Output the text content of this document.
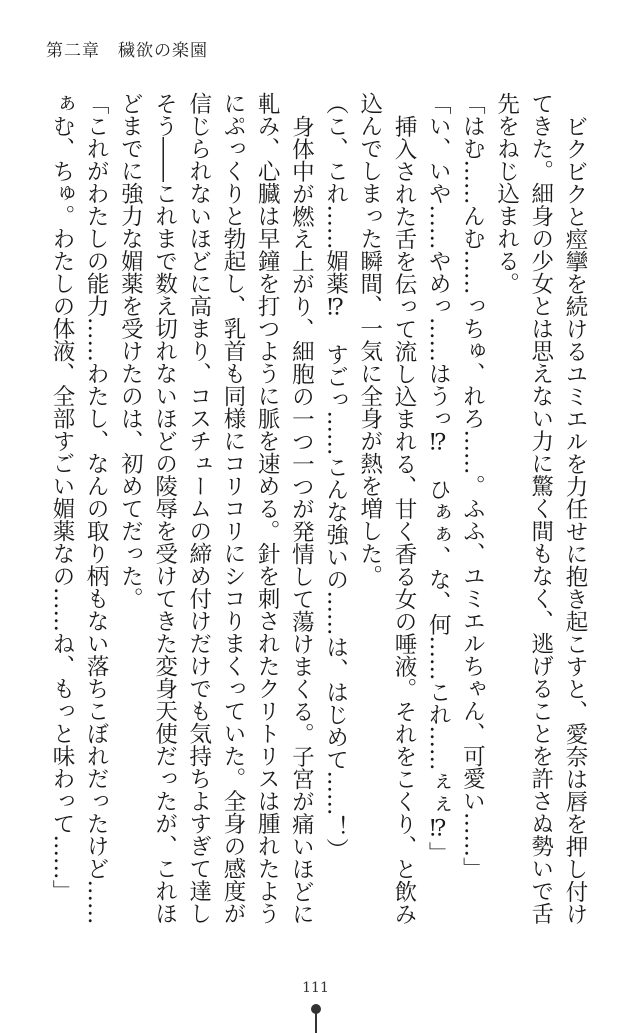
第二章　穢欲の楽園

ビクビクと痙攣を続けるユミエルを力任せに抱き起こすと、愛奈は唇を押し付けてきた。細身の少女とは思えない力に驚く間もなく、逃げることを許さぬ勢いで舌先をねじ込まれる。

「はむ……んむ……っちゅ、れろ……。ふふ、ユミエルちゃん、可愛い……」

「い、いや……やめっ……はうっ⁉　ひぁぁ、な、何……これ……ぇぇ⁉」

挿入された舌を伝って流し込まれる、甘く香る女の唾液。それをこくり、と飲み込んでしまった瞬間、一気に全身が熱を増した。

（こ、これ……媚薬⁉　すごっ……こんな強いの……は、はじめて……！）

身体中が燃え上がり、細胞の一つ一つが発情して蕩けまくる。子宮が痛いほどに軋み、心臓は早鐘を打つように脈を速める。針を刺されたクリトリスは腫れたようにぷっくりと勃起し、乳首も同様にコリコリにシコりまくっていた。全身の感度が信じられないほどに高まり、コスチュームの締め付けだけでも気持ちよすぎて達しそう――これまで数え切れないほどの陵辱を受けてきた変身天使だったが、これほどまでに強力な媚薬を受けたのは、初めてだった。

「これがわたしの能力……わたし、なんの取り柄もない落ちこぼれだったけど……ぁむ、ちゅ。わたしの体液、全部すごい媚薬なの……ね、もっと味わって……」

111
